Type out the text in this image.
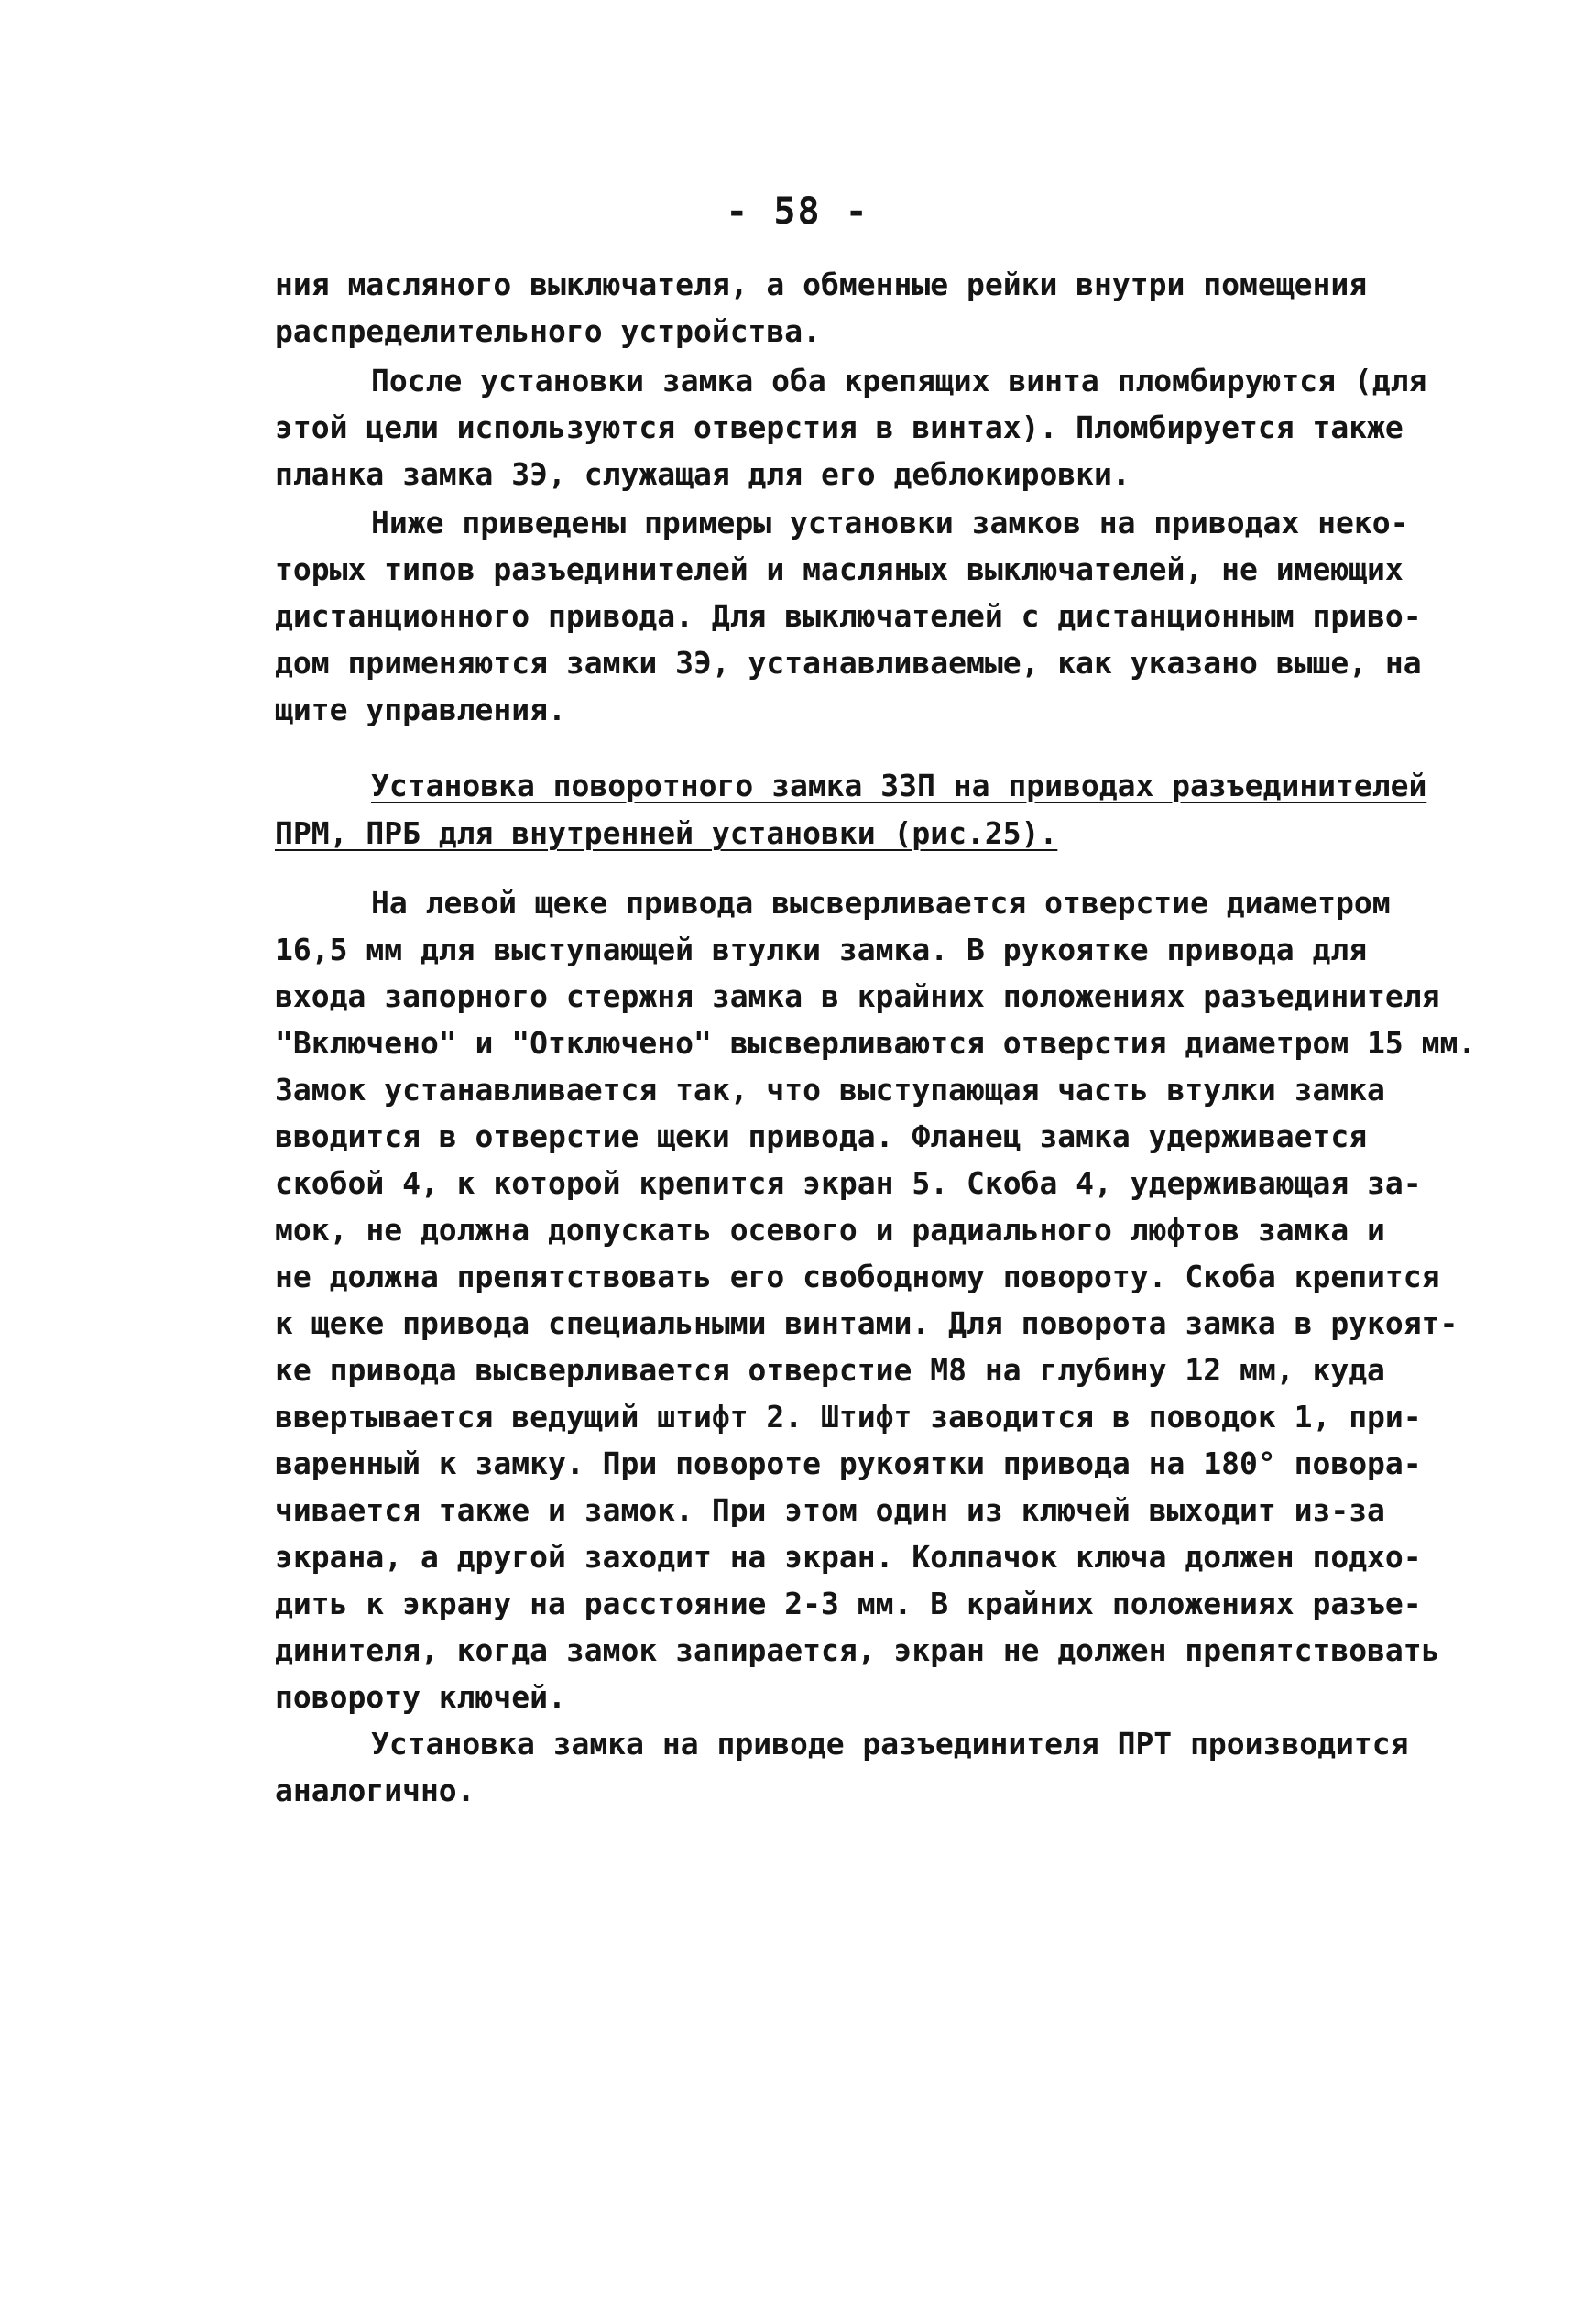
- 58 -
ния масляного выключателя, а обменные рейки внутри помещения
распределительного устройства.
После установки замка оба крепящих винта пломбируются (для
этой цели используются отверстия в винтах). Пломбируется также
планка замка 3Э, служащая для его деблокировки.
Ниже приведены примеры установки замков на приводах неко-
торых типов разъединителей и масляных выключателей, не имеющих
дистанционного привода. Для выключателей с дистанционным приво-
дом применяются замки 3Э, устанавливаемые, как указано выше, на
щите управления.
Установка поворотного замка 3ЗП на приводах разъединителей
ПРМ, ПРБ для внутренней установки (рис.25).
На левой щеке привода высверливается отверстие диаметром
16,5 мм для выступающей втулки замка. В рукоятке привода для
входа запорного стержня замка в крайних положениях разъединителя
"Включено" и "Отключено" высверливаются отверстия диаметром 15 мм.
Замок устанавливается так, что выступающая часть втулки замка
вводится в отверстие щеки привода. Фланец замка удерживается
скобой 4, к которой крепится экран 5. Скоба 4, удерживающая за-
мок, не должна допускать осевого и радиального люфтов замка и
не должна препятствовать его свободному повороту. Скоба крепится
к щеке привода специальными винтами. Для поворота замка в рукоят-
ке привода высверливается отверстие М8 на глубину 12 мм, куда
ввертывается ведущий штифт 2. Штифт заводится в поводок 1, при-
варенный к замку. При повороте рукоятки привода на 180° повора-
чивается также и замок. При этом один из ключей выходит из-за
экрана, а другой заходит на экран. Колпачок ключа должен подхо-
дить к экрану на расстояние 2-3 мм. В крайних положениях разъе-
динителя, когда замок запирается, экран не должен препятствовать
повороту ключей.
Установка замка на приводе разъединителя ПРТ производится
аналогично.
